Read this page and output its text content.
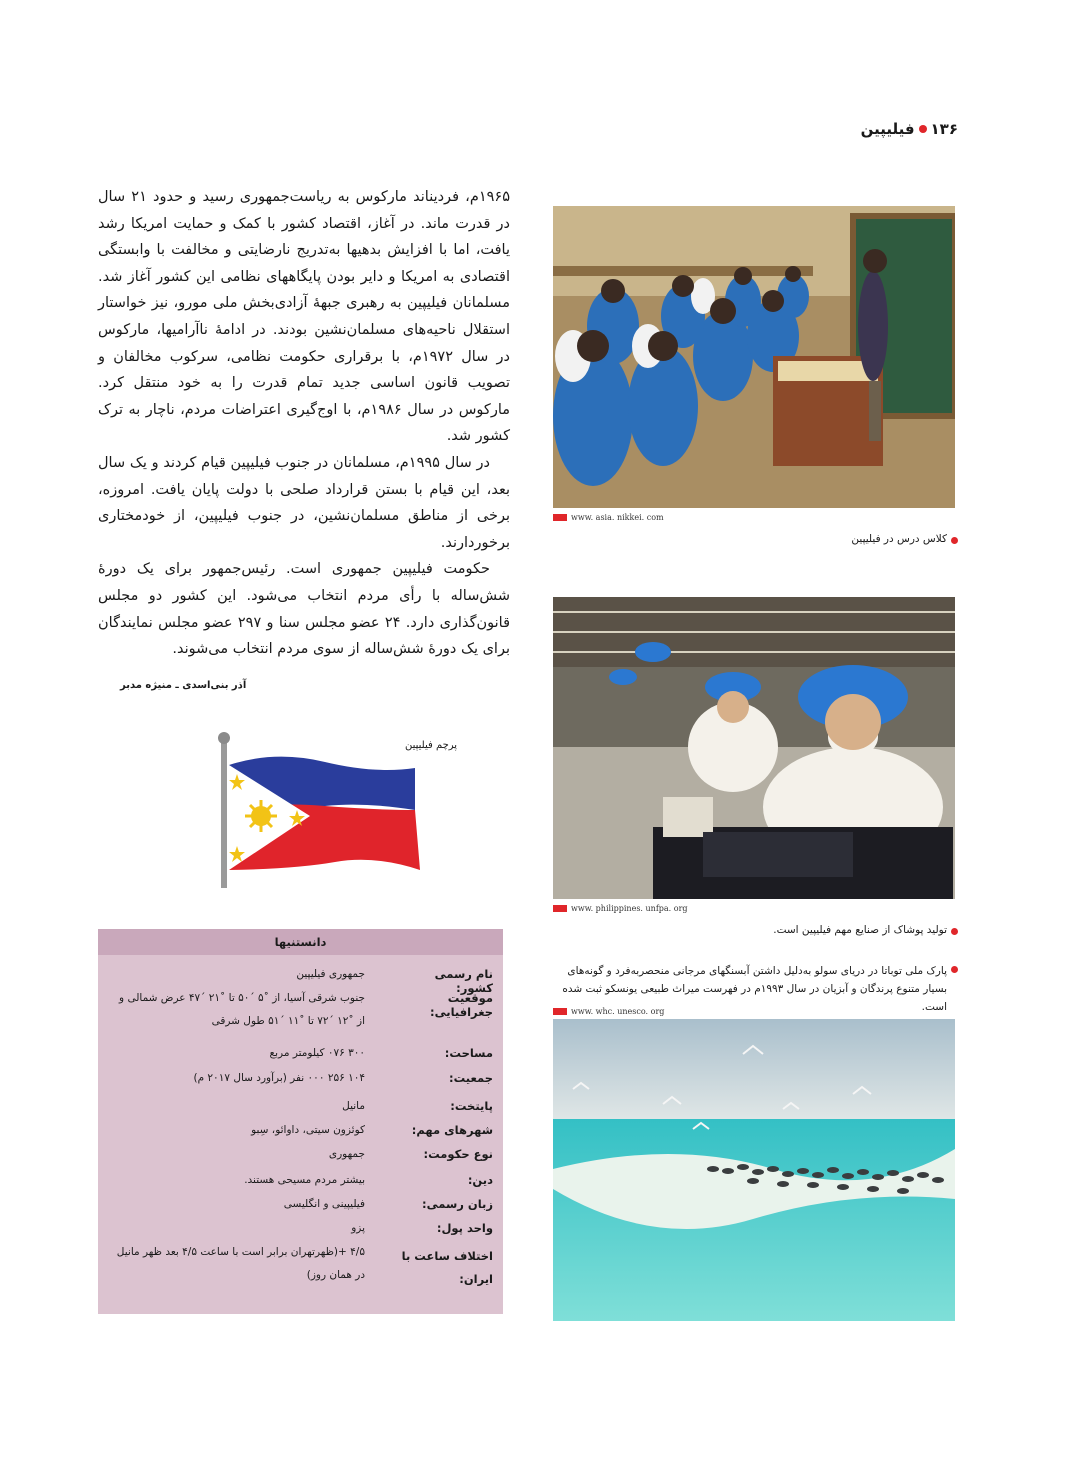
۱۳۶
فیلیپین

۱۹۶۵م، فردیناند مارکوس به ریاست‌جمهوری رسید و حدود ۲۱ سال در قدرت ماند. در آغاز، اقتصاد کشور با کمک و حمایت امریکا رشد یافت، اما با افزایش بدهیها به‌تدریج نارضایتی و مخالفت با وابستگی اقتصادی به امریکا و دایر بودن پایگاههای نظامی این کشور آغاز شد. مسلمانان فیلیپین به رهبری جبههٔ آزادی‌بخش ملی مورو، نیز خواستار استقلال ناحیه‌های مسلمان‌نشین بودند. در ادامهٔ ناآرامیها، مارکوس در سال ۱۹۷۲م، با برقراری حکومت نظامی، سرکوب مخالفان و تصویب قانون اساسی جدید تمام قدرت را به خود منتقل کرد. مارکوس در سال ۱۹۸۶م، با اوج‌گیری اعتراضات مردم، ناچار به ترک کشور شد.

در سال ۱۹۹۵م، مسلمانان در جنوب فیلیپین قیام کردند و یک سال بعد، این قیام با بستن قرارداد صلحی با دولت پایان یافت. امروزه، برخی از مناطق مسلمان‌نشین، در جنوب فیلیپین، از خودمختاری برخوردارند.

حکومت فیلیپین جمهوری است. رئیس‌جمهور برای یک دورهٔ شش‌ساله با رأی مردم انتخاب می‌شود. این کشور دو مجلس قانون‌گذاری دارد. ۲۴ عضو مجلس سنا و ۲۹۷ عضو مجلس نمایندگان برای یک دورهٔ شش‌ساله از سوی مردم انتخاب می‌شوند.

آذر بنی‌اسدی ـ منیژه مدبر
www. asia. nikkei. com
کلاس درس در فیلیپین
www. philippines. unfpa. org
تولید پوشاک از صنایع مهم فیلیپین است.
پارک ملی توباتا در دریای سولو به‌دلیل داشتن آبسنگهای مرجانی منحصربه‌فرد و گونه‌های بسیار متنوع پرندگان و آبزیان در سال ۱۹۹۳م در فهرست میراث طبیعی یونسکو ثبت شده است.
www. whc. unesco. org
پرچم فیلیپین
دانستنیها
نام رسمی کشور:
جمهوری فیلیپین
موقعیت جغرافیایی:
جنوب شرقی آسیا، از ˚۵ ´۵۰ تا ˚۲۱ ´۴۷ عرض شمالی و از ˚۱۲ ´۷۲ تا ˚۱۱ ´۵۱ طول شرقی
مساحت:
۳۰۰ ۰۷۶ کیلومتر مربع
جمعیت:
۱۰۴ ۲۵۶ ۰۰۰ نفر (برآورد سال ۲۰۱۷ م)
پایتخت:
مانیل
شهرهای مهم:
کوئزون سیتی، داوائو، سِبو
نوع حکومت:
جمهوری
دین:
بیشتر مردم مسیحی هستند.
زبان رسمی:
فیلیپینی و انگلیسی
واحد پول:
پزو
اختلاف ساعت با ایران:
۴/۵ +(ظهرتهران برابر است با ساعت ۴/۵ بعد ظهر مانیل در همان روز)
